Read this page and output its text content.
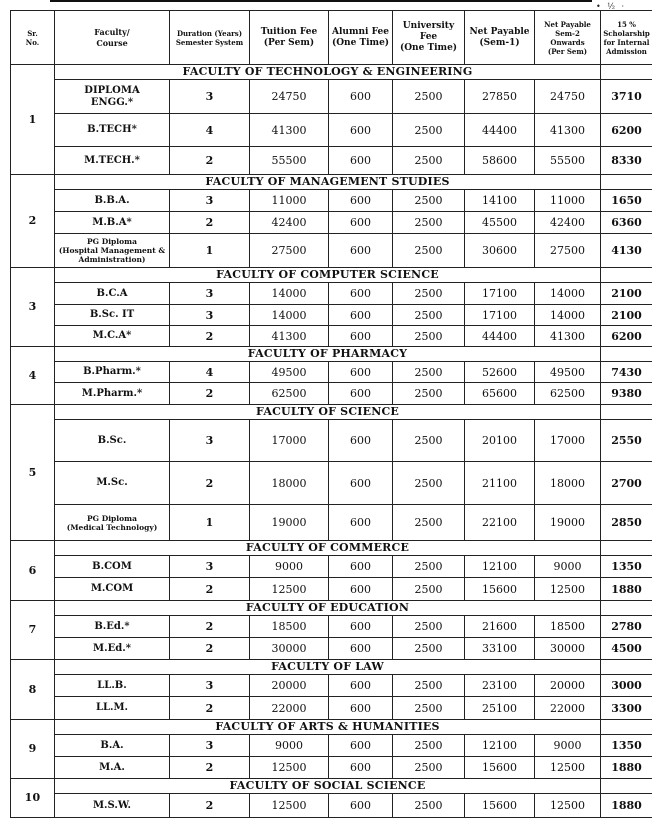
• ½ ·
Sr.
No.	Faculty/
Course	Duration (Years)
Semester System	Tuition Fee
(Per Sem)	Alumni Fee
(One Time)	University Fee
(One Time)	Net Payable
(Sem-1)	Net Payable
Sem-2
Onwards
(Per Sem)	15 %
Scholarship
for Internal
Admission
1	FACULTY OF TECHNOLOGY & ENGINEERING							
	DIPLOMA
ENGG.*	3	24750	600	2500	27850	24750	3710
	B.TECH*	4	41300	600	2500	44400	41300	6200
	M.TECH.*	2	55500	600	2500	58600	55500	8330
2	FACULTY OF MANAGEMENT STUDIES							
	B.B.A.	3	11000	600	2500	14100	11000	1650
	M.B.A*	2	42400	600	2500	45500	42400	6360
	PG Diploma
(Hospital Management &
Administration)	1	27500	600	2500	30600	27500	4130
3	FACULTY OF COMPUTER SCIENCE							
	B.C.A	3	14000	600	2500	17100	14000	2100
	B.Sc. IT	3	14000	600	2500	17100	14000	2100
	M.C.A*	2	41300	600	2500	44400	41300	6200
4	FACULTY OF PHARMACY							
	B.Pharm.*	4	49500	600	2500	52600	49500	7430
	M.Pharm.*	2	62500	600	2500	65600	62500	9380
5	FACULTY OF SCIENCE							
	B.Sc.	3	17000	600	2500	20100	17000	2550
	M.Sc.	2	18000	600	2500	21100	18000	2700
	PG Diploma
(Medical Technology)	1	19000	600	2500	22100	19000	2850
6	FACULTY OF COMMERCE							
	B.COM	3	9000	600	2500	12100	9000	1350
	M.COM	2	12500	600	2500	15600	12500	1880
7	FACULTY OF EDUCATION							
	B.Ed.*	2	18500	600	2500	21600	18500	2780
	M.Ed.*	2	30000	600	2500	33100	30000	4500
8	FACULTY OF LAW							
	LL.B.	3	20000	600	2500	23100	20000	3000
	LL.M.	2	22000	600	2500	25100	22000	3300
9	FACULTY OF ARTS & HUMANITIES							
	B.A.	3	9000	600	2500	12100	9000	1350
	M.A.	2	12500	600	2500	15600	12500	1880
10	FACULTY OF SOCIAL SCIENCE							
	M.S.W.	2	12500	600	2500	15600	12500	1880
